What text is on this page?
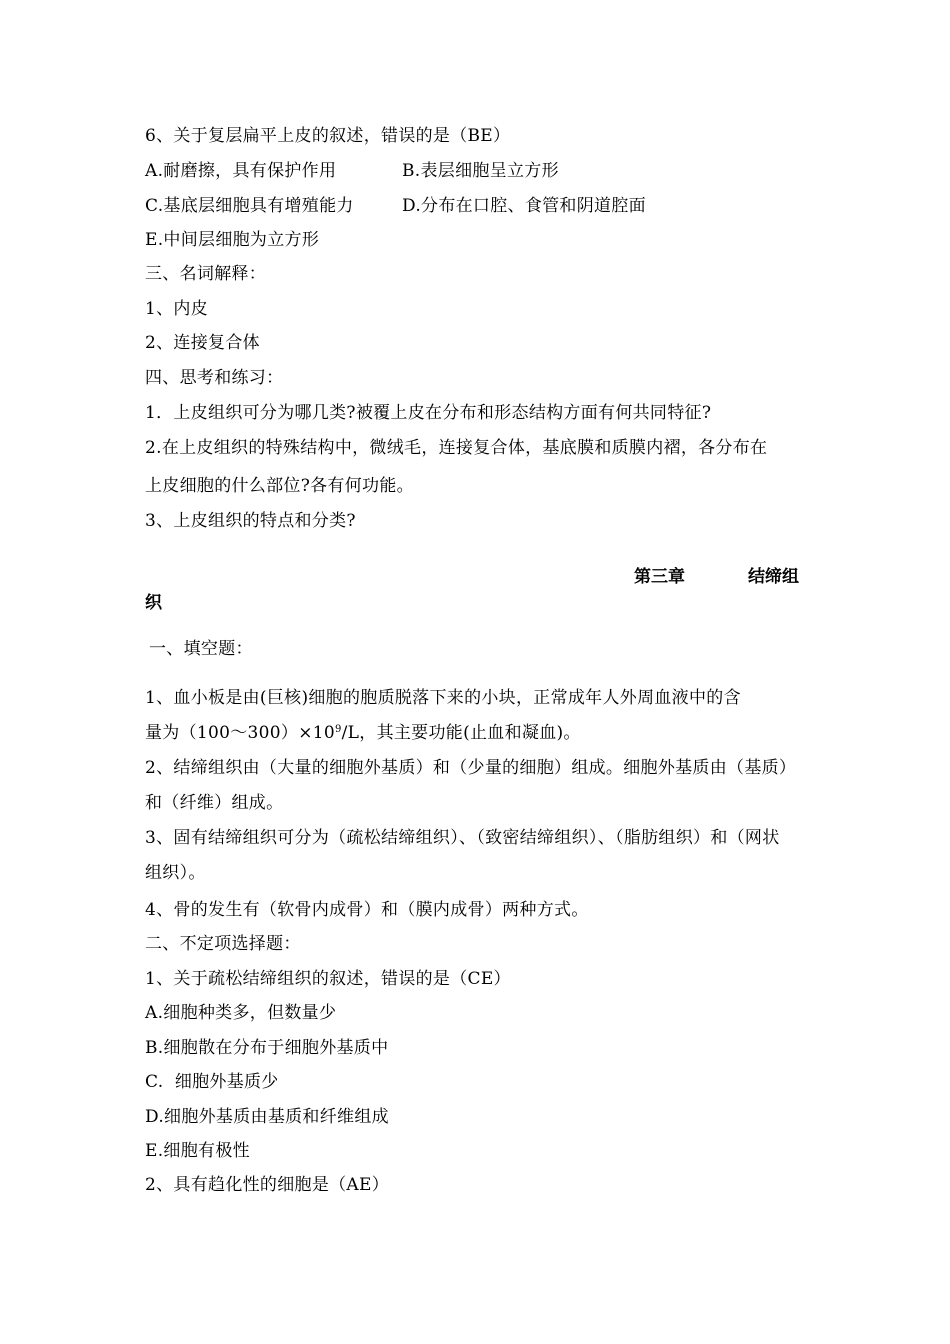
6、关于复层扁平上皮的叙述，错误的是（BE）
A.耐磨擦，具有保护作用	B.表层细胞呈立方形
C.基底层细胞具有增殖能力	D.分布在口腔、食管和阴道腔面
E.中间层细胞为立方形
三、名词解释：
1、内皮
2、连接复合体
四、思考和练习：
1．上皮组织可分为哪几类?被覆上皮在分布和形态结构方面有何共同特征?
2.在上皮组织的特殊结构中，微绒毛，连接复合体，基底膜和质膜内褶，各分布在
上皮细胞的什么部位?各有何功能。
3、上皮组织的特点和分类?
第三章	结缔组
织
一、填空题：
1、血小板是由(巨核)细胞的胞质脱落下来的小块，正常成年人外周血液中的含
量为$(100\sim 300)\times 10^9/L$，其主要功能(止血和凝血)。
2、结缔组织由（大量的细胞外基质）和（少量的细胞）组成。细胞外基质由（基质）
和（纤维）组成。
3、固有结缔组织可分为（疏松结缔组织）、（致密结缔组织）、（脂肪组织）和（网状
组织）。
4、骨的发生有（软骨内成骨）和（膜内成骨）两种方式。
二、不定项选择题：
1、关于疏松结缔组织的叙述，错误的是（CE）
A.细胞种类多，但数量少
B.细胞散在分布于细胞外基质中
C.  细胞外基质少
D.细胞外基质由基质和纤维组成
E.细胞有极性
2、具有趋化性的细胞是（AE）
